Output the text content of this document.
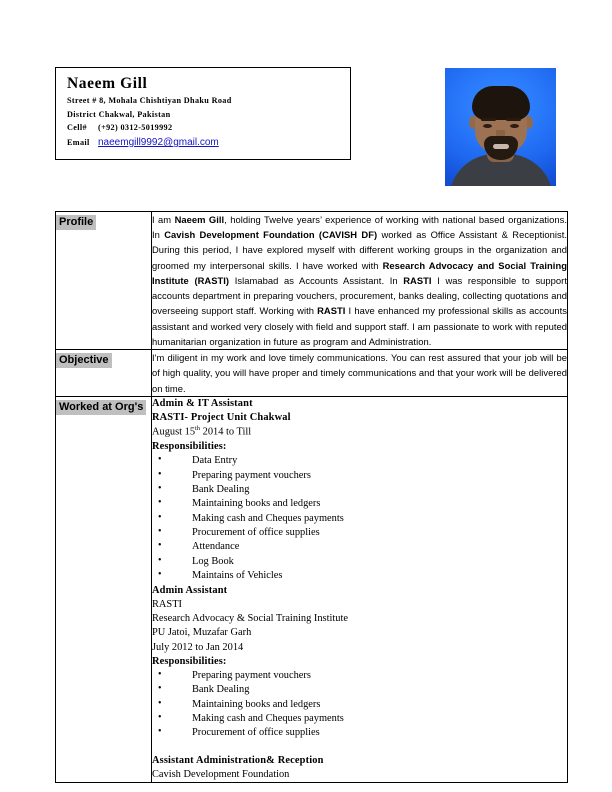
Naeem Gill
Street # 8, Mohala Chishtiyan Dhaku Road
District Chakwal, Pakistan
Cell# (+92) 0312-5019992
Email naeemgill9992@gmail.com
Profile	I am Naeem Gill, holding Twelve years’ experience of working with national based organizations. In Cavish Development Foundation (CAVISH DF) worked as Office Assistant & Receptionist. During this period, I have explored myself with different working groups in the organization and groomed my interpersonal skills. I have worked with Research Advocacy and Social Training Institute (RASTI) Islamabad as Accounts Assistant. In RASTI I was responsible to support accounts department in preparing vouchers, procurement, banks dealing, collecting quotations and overseeing support staff. Working with RASTI I have enhanced my professional skills as accounts assistant and worked very closely with field and support staff. I am passionate to work with reputed humanitarian organization in future as program and Administration.

Objective	I'm diligent in my work and love timely communications. You can rest assured that your job will be of high quality, you will have proper and timely communications and that your work will be delivered on time.

Worked at Org's	Admin & IT Assistant
RASTI- Project Unit Chakwal
August 15th 2014 to Till
Responsibilities:
• Data Entry
• Preparing payment vouchers
• Bank Dealing
• Maintaining books and ledgers
• Making cash and Cheques payments
• Procurement of office supplies
• Attendance
• Log Book
• Maintains of Vehicles
Admin Assistant
RASTI
Research Advocacy & Social Training Institute
PU Jatoi, Muzafar Garh
July 2012 to Jan 2014
Responsibilities:
• Preparing payment vouchers
• Bank Dealing
• Maintaining books and ledgers
• Making cash and Cheques payments
• Procurement of office supplies
Assistant Administration& Reception
Cavish Development Foundation
